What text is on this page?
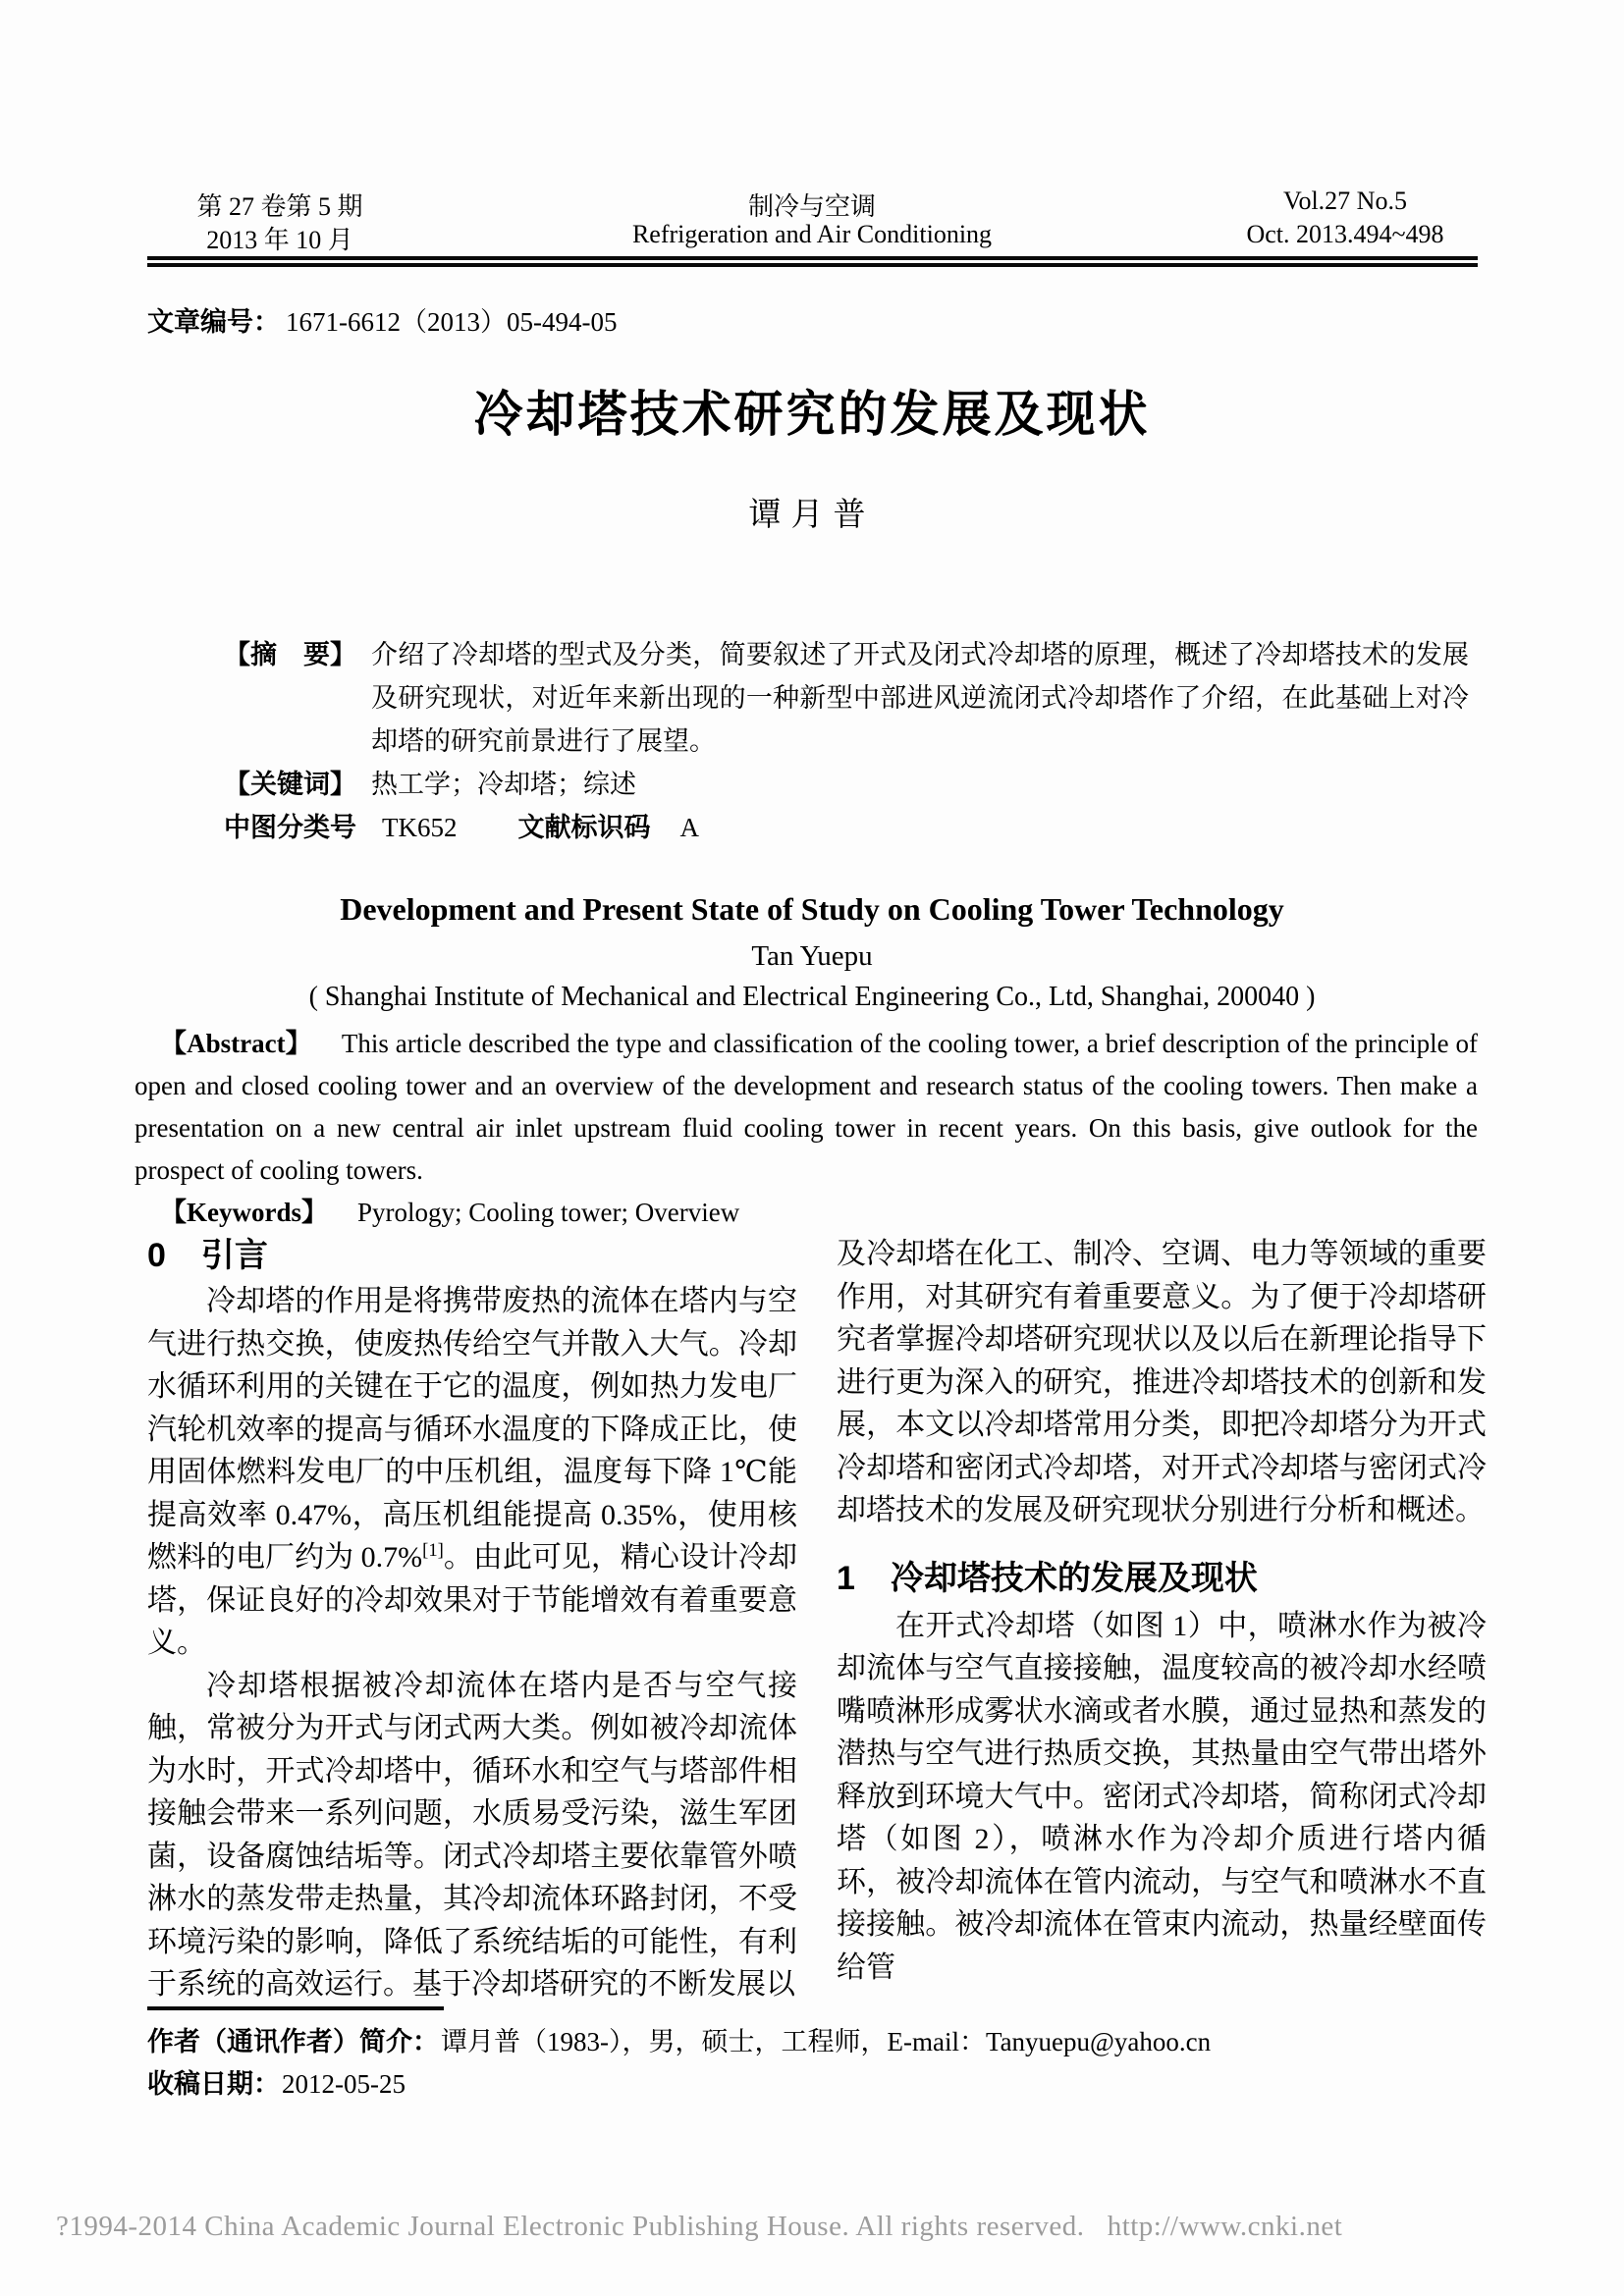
第 27 卷第 5 期	制冷与空调	Vol.27 No.5
2013 年 10 月	Refrigeration and Air Conditioning	Oct. 2013.494~498
文章编号： 1671-6612（2013）05-494-05
冷却塔技术研究的发展及现状
谭月普
【摘　要】 介绍了冷却塔的型式及分类，简要叙述了开式及闭式冷却塔的原理，概述了冷却塔技术的发展及研究现状，对近年来新出现的一种新型中部进风逆流闭式冷却塔作了介绍，在此基础上对冷却塔的研究前景进行了展望。
【关键词】 热工学；冷却塔；综述
中图分类号 TK652 文献标识码 A
Development and Present State of Study on Cooling Tower Technology
Tan Yuepu
( Shanghai Institute of Mechanical and Electrical Engineering Co., Ltd, Shanghai, 200040 )

【Abstract】 This article described the type and classification of the cooling tower, a brief description of the principle of open and closed cooling tower and an overview of the development and research status of the cooling towers. Then make a presentation on a new central air inlet upstream fluid cooling tower in recent years. On this basis, give outlook for the prospect of cooling towers.

【Keywords】 Pyrology; Cooling tower; Overview

0 引言

冷却塔的作用是将携带废热的流体在塔内与空气进行热交换，使废热传给空气并散入大气。冷却水循环利用的关键在于它的温度，例如热力发电厂汽轮机效率的提高与循环水温度的下降成正比，使用固体燃料发电厂的中压机组，温度每下降 1℃能提高效率 0.47%，高压机组能提高 0.35%，使用核燃料的电厂约为 0.7%[1]。由此可见，精心设计冷却塔，保证良好的冷却效果对于节能增效有着重要意义。

冷却塔根据被冷却流体在塔内是否与空气接触，常被分为开式与闭式两大类。例如被冷却流体为水时，开式冷却塔中，循环水和空气与塔部件相接触会带来一系列问题，水质易受污染，滋生军团菌，设备腐蚀结垢等。闭式冷却塔主要依靠管外喷淋水的蒸发带走热量，其冷却流体环路封闭，不受环境污染的影响，降低了系统结垢的可能性，有利于系统的高效运行。基于冷却塔研究的不断发展以

及冷却塔在化工、制冷、空调、电力等领域的重要作用，对其研究有着重要意义。为了便于冷却塔研究者掌握冷却塔研究现状以及以后在新理论指导下进行更为深入的研究，推进冷却塔技术的创新和发展，本文以冷却塔常用分类，即把冷却塔分为开式冷却塔和密闭式冷却塔，对开式冷却塔与密闭式冷却塔技术的发展及研究现状分别进行分析和概述。

1 冷却塔技术的发展及现状

在开式冷却塔（如图 1）中，喷淋水作为被冷却流体与空气直接接触，温度较高的被冷却水经喷嘴喷淋形成雾状水滴或者水膜，通过显热和蒸发的潜热与空气进行热质交换，其热量由空气带出塔外释放到环境大气中。密闭式冷却塔，简称闭式冷却塔（如图 2），喷淋水作为冷却介质进行塔内循环，被冷却流体在管内流动，与空气和喷淋水不直接接触。被冷却流体在管束内流动，热量经壁面传给管

作者（通讯作者）简介：谭月普（1983-），男，硕士，工程师，E-mail：Tanyuepu@yahoo.cn
收稿日期：2012-05-25
?1994-2014 China Academic Journal Electronic Publishing House. All rights reserved.   http://www.cnki.net
